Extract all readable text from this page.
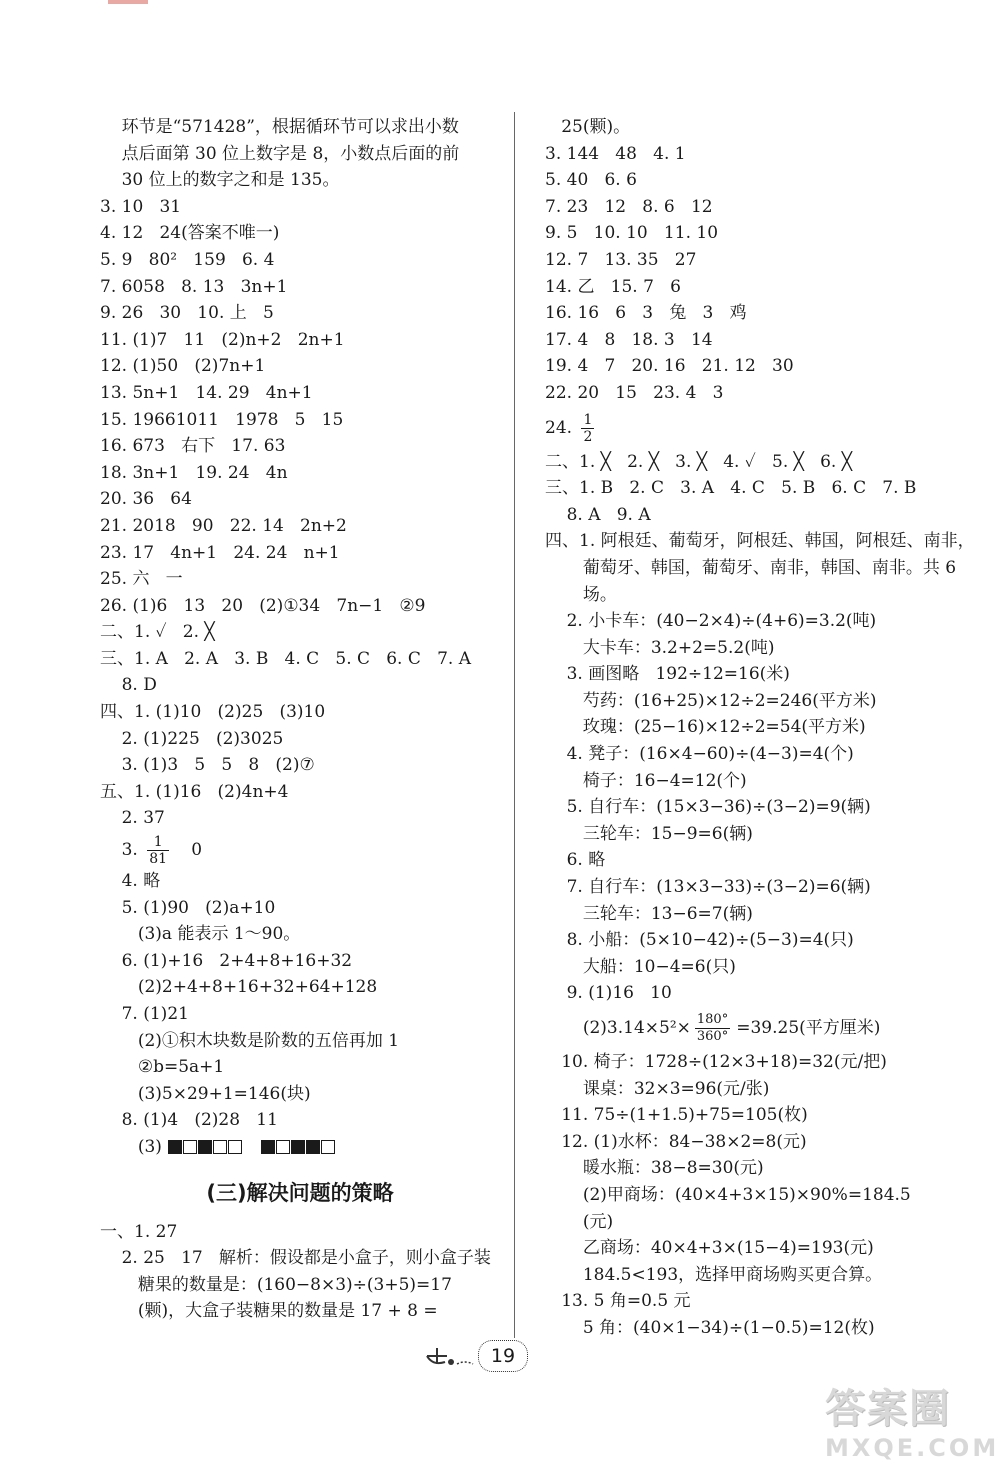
环节是“571428”，根据循环节可以求出小数
点后面第 30 位上数字是 8，小数点后面的前
30 位上的数字之和是 135。
3. 10   31
4. 12   24(答案不唯一)
5. 9   80²   159   6. 4
7. 6058   8. 13   3n+1
9. 26   30   10. 上   5
11. (1)7   11   (2)n+2   2n+1
12. (1)50   (2)7n+1
13. 5n+1   14. 29   4n+1
15. 19661011   1978   5   15
16. 673   右下   17. 63
18. 3n+1   19. 24   4n
20. 36   64
21. 2018   90   22. 14   2n+2
23. 17   4n+1   24. 24   n+1
25. 六   一
26. (1)6   13   20   (2)①34   7n−1   ②9
二、1. ✓   2. ╳
三、1. A   2. A   3. B   4. C   5. C   6. C   7. A
8. D
四、1. (1)10   (2)25   (3)10
2. (1)225   (2)3025
3. (1)3   5   5   8   (2)⑦
五、1. (1)16   (2)4n+4
2. 37
3. $\frac{1}{81} 0$
4. 略
5. (1)90   (2)a+10
(3)a 能表示 1～90。
6. (1)+16   2+4+8+16+32
(2)2+4+8+16+32+64+128
7. (1)21
(2)①积木块数是阶数的五倍再加 1
②b=5a+1
(3)5×29+1=146(块)
8. (1)4   (2)28   11
(3)
(三)解决问题的策略
一、1. 27
2. 25   17   解析：假设都是小盒子，则小盒子装
糖果的数量是：(160−8×3)÷(3+5)=17
(颗)，大盒子装糖果的数量是 17 + 8 =
25(颗)。
3. 144   48   4. 1
5. 40   6. 6
7. 23   12   8. 6   12
9. 5   10. 10   11. 10
12. 7   13. 35   27
14. 乙   15. 7   6
16. 16   6   3   兔   3   鸡
17. 4   8   18. 3   14
19. 4   7   20. 16   21. 12   30
22. 20   15   23. 4   3
24. $\frac{1}{2}$
二、1. ╳   2. ╳   3. ╳   4. ✓   5. ╳   6. ╳
三、1. B   2. C   3. A   4. C   5. B   6. C   7. B
8. A   9. A
四、1. 阿根廷、葡萄牙，阿根廷、韩国，阿根廷、南非，
葡萄牙、韩国，葡萄牙、南非，韩国、南非。共 6
场。
2. 小卡车：(40−2×4)÷(4+6)=3.2(吨)
大卡车：3.2+2=5.2(吨)
3. 画图略   192÷12=16(米)
芍药：(16+25)×12÷2=246(平方米)
玫瑰：(25−16)×12÷2=54(平方米)
4. 凳子：(16×4−60)÷(4−3)=4(个)
椅子：16−4=12(个)
5. 自行车：(15×3−36)÷(3−2)=9(辆)
三轮车：15−9=6(辆)
6. 略
7. 自行车：(13×3−33)÷(3−2)=6(辆)
三轮车：13−6=7(辆)
8. 小船：(5×10−42)÷(5−3)=4(只)
大船：10−4=6(只)
9. (1)16   10
$(2)3.14\times 5^2\times \frac{180^\circ}{360^\circ} =39.25$(平方厘米)
10. 椅子：1728÷(12×3+18)=32(元/把)
课桌：32×3=96(元/张)
11. 75÷(1+1.5)+75=105(枚)
12. (1)水杯：84−38×2=8(元)
暖水瓶：38−8=30(元)
(2)甲商场：(40×4+3×15)×90%=184.5
(元)
乙商场：40×4+3×(15−4)=193(元)
184.5<193，选择甲商场购买更合算。
13. 5 角=0.5 元
5 角：(40×1−34)÷(1−0.5)=12(枚)
19
答案圈
MXQE.COM
